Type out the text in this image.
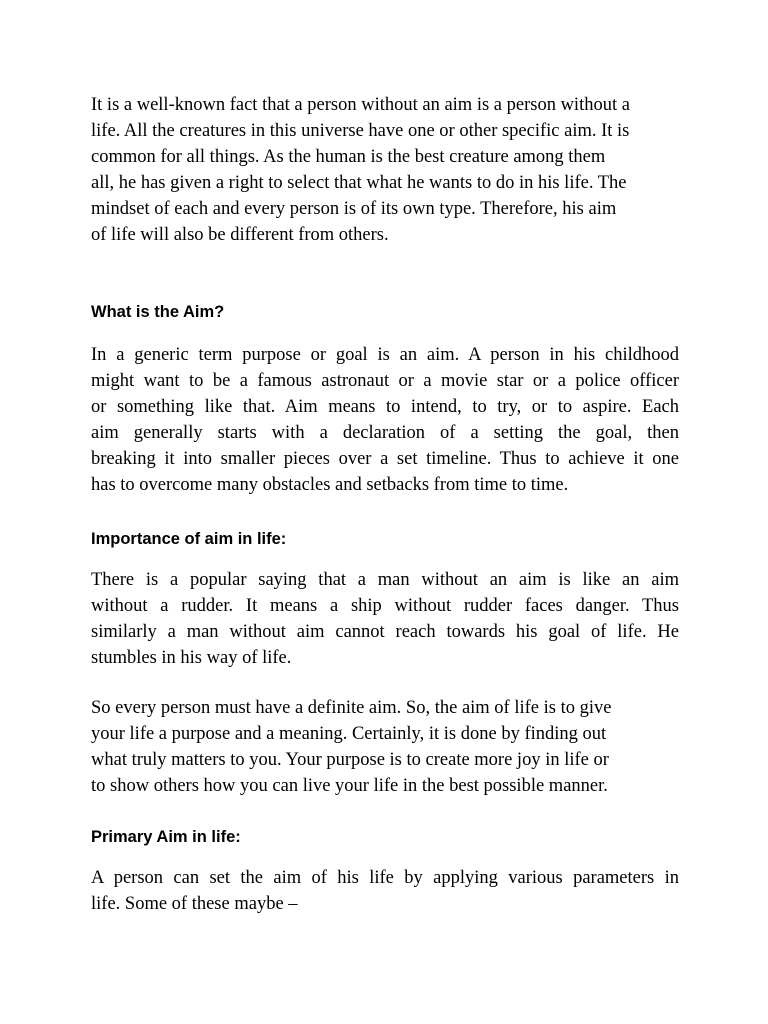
It is a well-known fact that a person without an aim is a person without a
life. All the creatures in this universe have one or other specific aim. It is
common for all things. As the human is the best creature among them
all, he has given a right to select that what he wants to do in his life. The
mindset of each and every person is of its own type. Therefore, his aim
of life will also be different from others.

What is the Aim?

In a generic term purpose or goal is an aim. A person in his childhood
might want to be a famous astronaut or a movie star or a police officer
or something like that. Aim means to intend, to try, or to aspire. Each
aim generally starts with a declaration of a setting the goal, then
breaking it into smaller pieces over a set timeline. Thus to achieve it one
has to overcome many obstacles and setbacks from time to time.

Importance of aim in life:

There is a popular saying that a man without an aim is like an aim
without a rudder. It means a ship without rudder faces danger. Thus
similarly a man without aim cannot reach towards his goal of life. He
stumbles in his way of life.

So every person must have a definite aim. So, the aim of life is to give
your life a purpose and a meaning. Certainly, it is done by finding out
what truly matters to you. Your purpose is to create more joy in life or
to show others how you can live your life in the best possible manner.

Primary Aim in life:

A person can set the aim of his life by applying various parameters in
life. Some of these maybe –
